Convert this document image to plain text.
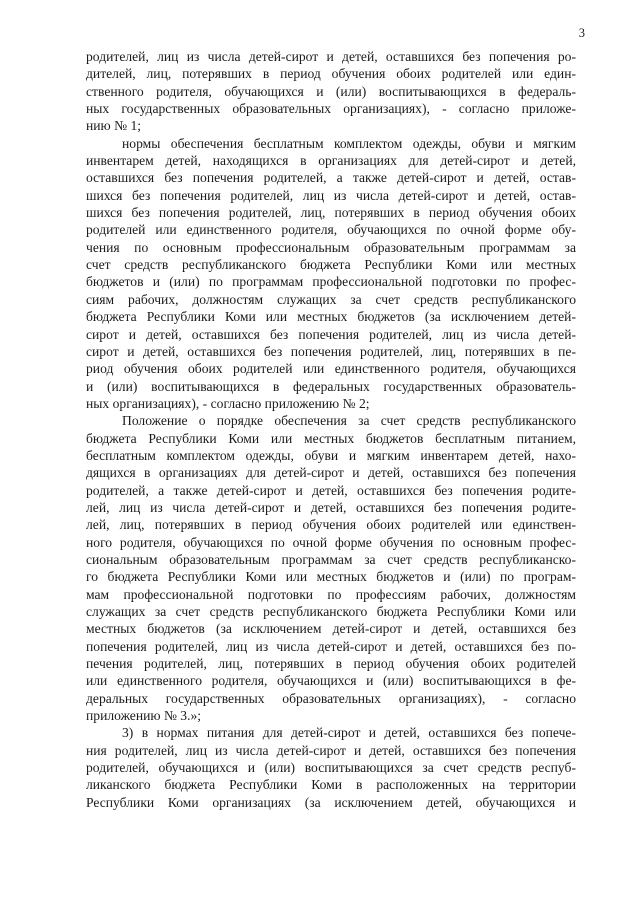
3

родителей, лиц из числа детей-сирот и детей, оставшихся без попечения ро-
дителей, лиц, потерявших в период обучения обоих родителей или един-
ственного родителя, обучающихся и (или) воспитывающихся в федераль-
ных государственных образовательных организациях), - согласно приложе-
нию № 1;

нормы обеспечения бесплатным комплектом одежды, обуви и мягким
инвентарем детей, находящихся в организациях для детей-сирот и детей,
оставшихся без попечения родителей, а также детей-сирот и детей, остав-
шихся без попечения родителей, лиц из числа детей-сирот и детей, остав-
шихся без попечения родителей, лиц, потерявших в период обучения обоих
родителей или единственного родителя, обучающихся по очной форме обу-
чения по основным профессиональным образовательным программам за
счет средств республиканского бюджета Республики Коми или местных
бюджетов и (или) по программам профессиональной подготовки по профес-
сиям рабочих, должностям служащих за счет средств республиканского
бюджета Республики Коми или местных бюджетов (за исключением детей-
сирот и детей, оставшихся без попечения родителей, лиц из числа детей-
сирот и детей, оставшихся без попечения родителей, лиц, потерявших в пе-
риод обучения обоих родителей или единственного родителя, обучающихся
и (или) воспитывающихся в федеральных государственных образователь-
ных организациях), - согласно приложению № 2;

Положение о порядке обеспечения за счет средств республиканского
бюджета Республики Коми или местных бюджетов бесплатным питанием,
бесплатным комплектом одежды, обуви и мягким инвентарем детей, нахо-
дящихся в организациях для детей-сирот и детей, оставшихся без попечения
родителей, а также детей-сирот и детей, оставшихся без попечения родите-
лей, лиц из числа детей-сирот и детей, оставшихся без попечения родите-
лей, лиц, потерявших в период обучения обоих родителей или единствен-
ного родителя, обучающихся по очной форме обучения по основным профес-
сиональным образовательным программам за счет средств республиканско-
го бюджета Республики Коми или местных бюджетов и (или) по програм-
мам профессиональной подготовки по профессиям рабочих, должностям
служащих за счет средств республиканского бюджета Республики Коми или
местных бюджетов (за исключением детей-сирот и детей, оставшихся без
попечения родителей, лиц из числа детей-сирот и детей, оставшихся без по-
печения родителей, лиц, потерявших в период обучения обоих родителей
или единственного родителя, обучающихся и (или) воспитывающихся в фе-
деральных государственных образовательных организациях), - согласно
приложению № 3.»;

3) в нормах питания для детей-сирот и детей, оставшихся без попече-
ния родителей, лиц из числа детей-сирот и детей, оставшихся без попечения
родителей, обучающихся и (или) воспитывающихся за счет средств респуб-
ликанского бюджета Республики Коми в расположенных на территории
Республики Коми организациях (за исключением детей, обучающихся и
